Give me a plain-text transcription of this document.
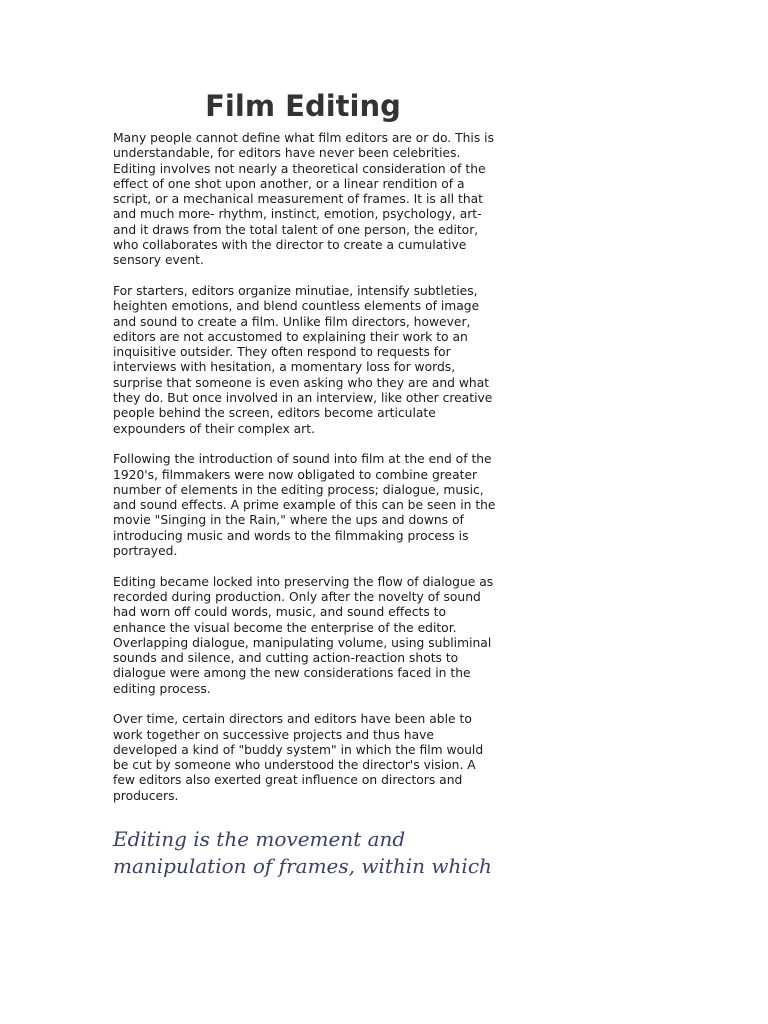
Film Editing

Many people cannot define what film editors are or do. This is understandable, for editors have never been celebrities. Editing involves not nearly a theoretical consideration of the effect of one shot upon another, or a linear rendition of a script, or a mechanical measurement of frames. It is all that and much more- rhythm, instinct, emotion, psychology, art- and it draws from the total talent of one person, the editor, who collaborates with the director to create a cumulative sensory event.

For starters, editors organize minutiae, intensify subtleties, heighten emotions, and blend countless elements of image and sound to create a film. Unlike film directors, however, editors are not accustomed to explaining their work to an inquisitive outsider. They often respond to requests for interviews with hesitation, a momentary loss for words, surprise that someone is even asking who they are and what they do. But once involved in an interview, like other creative people behind the screen, editors become articulate expounders of their complex art.

Following the introduction of sound into film at the end of the 1920's, filmmakers were now obligated to combine greater number of elements in the editing process; dialogue, music, and sound effects. A prime example of this can be seen in the movie "Singing in the Rain," where the ups and downs of introducing music and words to the filmmaking process is portrayed.

Editing became locked into preserving the flow of dialogue as recorded during production. Only after the novelty of sound had worn off could words, music, and sound effects to enhance the visual become the enterprise of the editor. Overlapping dialogue, manipulating volume, using subliminal sounds and silence, and cutting action-reaction shots to dialogue were among the new considerations faced in the editing process.

Over time, certain directors and editors have been able to work together on successive projects and thus have developed a kind of "buddy system" in which the film would be cut by someone who understood the director's vision. A few editors also exerted great influence on directors and producers.

Editing is the movement and manipulation of frames, within which
